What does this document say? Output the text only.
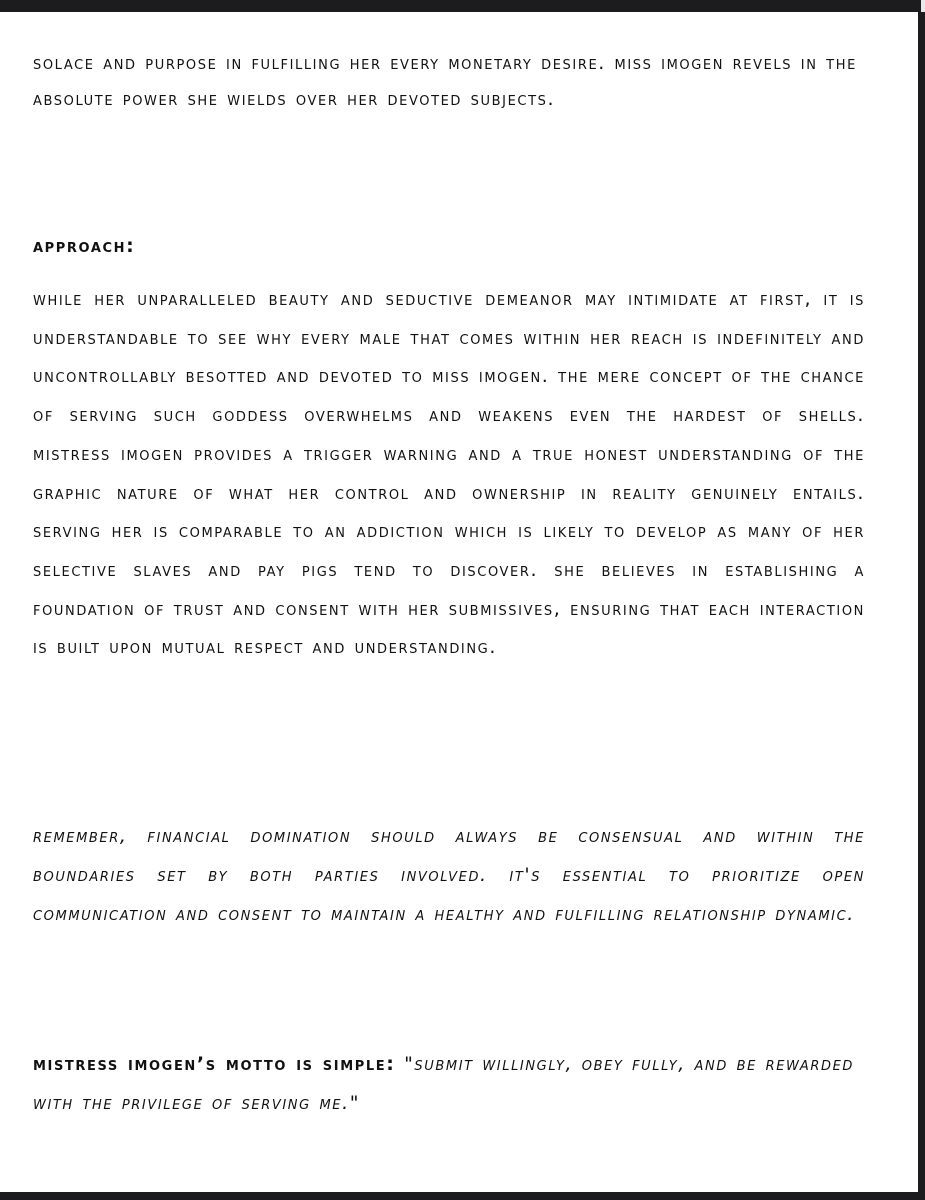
solace and purpose in fulfilling her every monetary desire. miss imogen revels in the absolute power she wields over her devoted subjects.

approach:

while her unparalleled beauty and seductive demeanor may intimidate at first, it is understandable to see why every male that comes within her reach is indefinitely and uncontrollably besotted and devoted to miss imogen. the mere concept of the chance of serving such goddess overwhelms and weakens even the hardest of shells. mistress imogen provides a trigger warning and a true honest understanding of the graphic nature of what her control and ownership in reality genuinely entails. serving her is comparable to an addiction which is likely to develop as many of her selective slaves and pay pigs tend to discover. she believes in establishing a foundation of trust and consent with her submissives, ensuring that each interaction is built upon mutual respect and understanding.

remember, financial domination should always be consensual and within the boundaries set by both parties involved. it's essential to prioritize open communication and consent to maintain a healthy and fulfilling relationship dynamic.

mistress imogen’s motto is simple: "submit willingly, obey fully, and be rewarded with the privilege of serving me."
